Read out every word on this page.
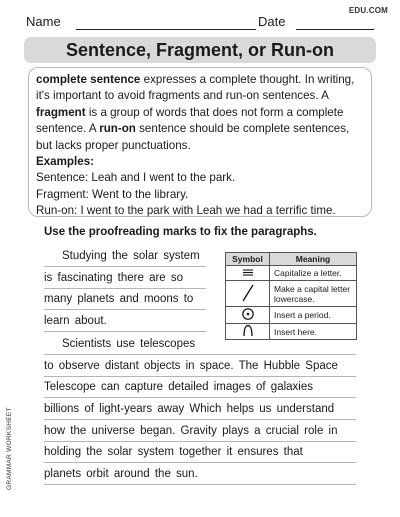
EDU.COM
Name	Date
Sentence, Fragment, or Run-on
complete sentence expresses a complete thought. In writing, it's important to avoid fragments and run-on sentences. A fragment is a group of words that does not form a complete sentence. A run-on sentence should be complete sentences, but lacks proper punctuations.
Examples:
Sentence: Leah and I went to the park.
Fragment: Went to the library.
Run-on: I went to the park with Leah we had a terrific time.
Use the proofreading marks to fix the paragraphs.
Studying the solar system
is fascinating there are so
many planets and moons to
learn about.
Symbol	Meaning
	Capitalize a letter.
	Make a capital letter lowercase.
	Insert a period.
	Insert here.
Scientists use telescopes
to observe distant objects in space. The Hubble Space
Telescope can capture detailed images of galaxies
billions of light-years away Which helps us understand
how the universe began. Gravity plays a crucial role in
holding the solar system together it ensures that
planets orbit around the sun.
GRAMMAR WORKSHEET
